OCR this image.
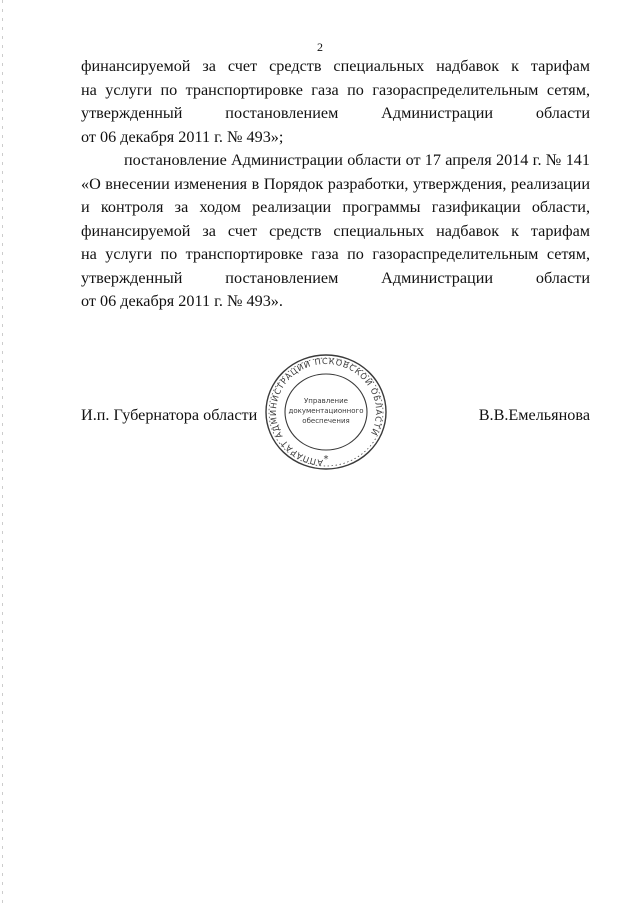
2
финансируемой за счет средств специальных надбавок к тарифам
на услуги по транспортировке газа по газораспределительным сетям,
утвержденный постановлением Администрации области
от 06 декабря 2011 г. № 493»;
постановление Администрации области от 17 апреля 2014 г. № 141
«О внесении изменения в Порядок разработки, утверждения, реализации
и контроля за ходом реализации программы газификации области,
финансируемой за счет средств специальных надбавок к тарифам
на услуги по транспортировке газа по газораспределительным сетям,
утвержденный постановлением Администрации области
от 06 декабря 2011 г. № 493».
АППАРАТ АДМИНИСТРАЦИИ ПСКОВСКОЙ ОБЛАСТИ
Управление
документационного
обеспечения
*
И.п. Губернатора области	В.В.Емельянова
